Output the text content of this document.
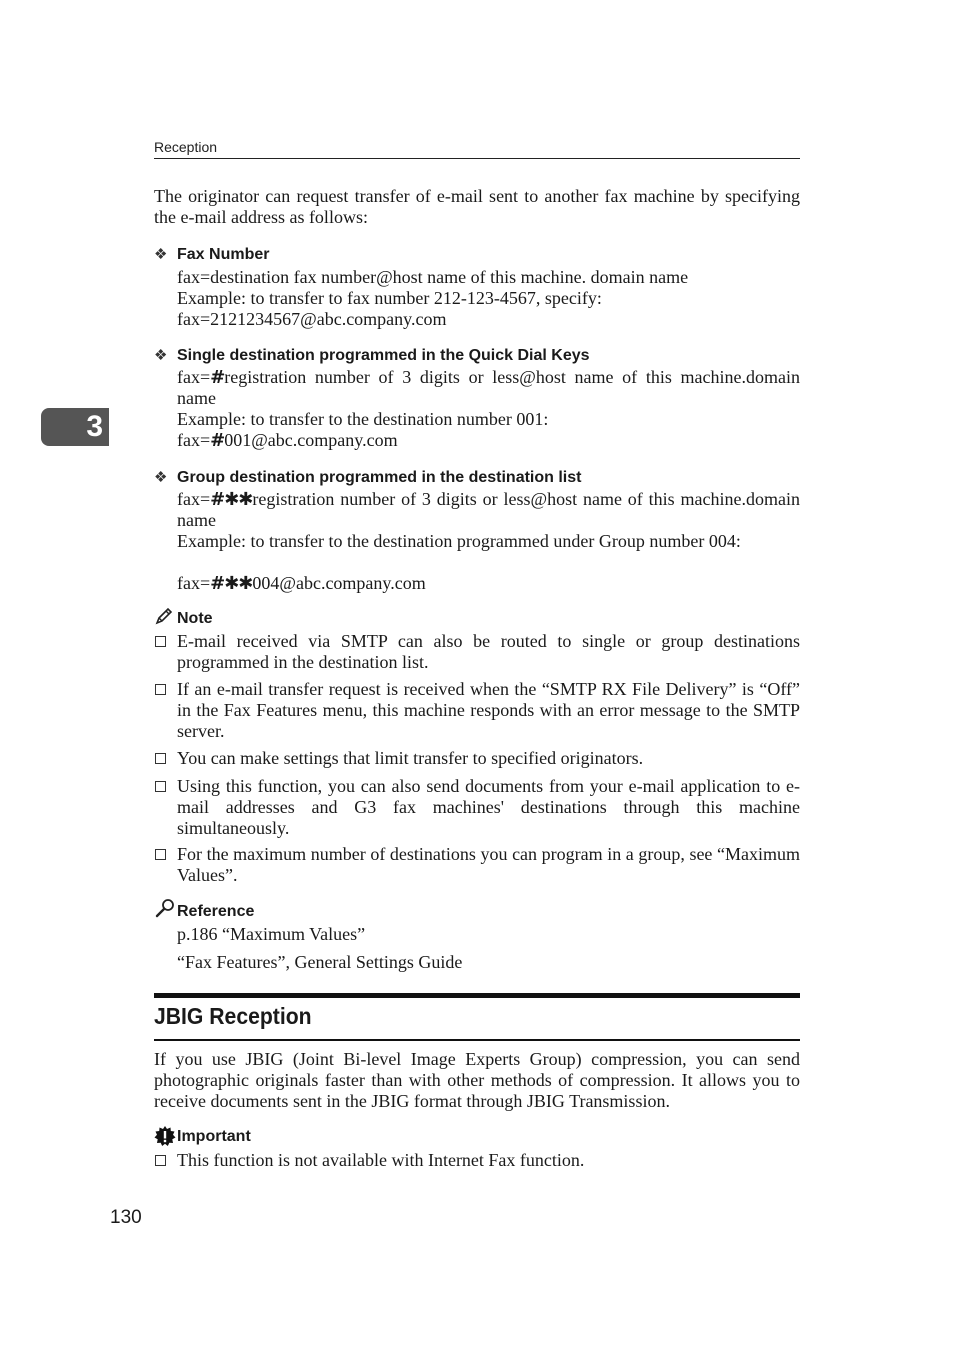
Reception
3
The originator can request transfer of e-mail sent to another fax machine by specifying the e-mail address as follows:
❖ Fax Number
fax=destination fax number@host name of this machine. domain name
Example: to transfer to fax number 212-123-4567, specify:
fax=2121234567@abc.company.com
❖ Single destination programmed in the Quick Dial Keys
fax=#registration number of 3 digits or less@host name of this machine.domain name
Example: to transfer to the destination number 001:
fax=#001@abc.company.com
❖ Group destination programmed in the destination list
fax=#✱✱registration number of 3 digits or less@host name of this machine.domain name
Example: to transfer to the destination programmed under Group number 004:
fax=#✱✱004@abc.company.com
Note
E-mail received via SMTP can also be routed to single or group destinations programmed in the destination list.
If an e-mail transfer request is received when the “SMTP RX File Delivery” is “Off” in the Fax Features menu, this machine responds with an error message to the SMTP server.
You can make settings that limit transfer to specified originators.
Using this function, you can also send documents from your e-mail application to e-mail addresses and G3 fax machines' destinations through this machine simultaneously.
For the maximum number of destinations you can program in a group, see “Maximum Values”.
Reference
p.186 “Maximum Values”
“Fax Features”, General Settings Guide
JBIG Reception
If you use JBIG (Joint Bi-level Image Experts Group) compression, you can send photographic originals faster than with other methods of compression. It allows you to receive documents sent in the JBIG format through JBIG Transmission.
Important
This function is not available with Internet Fax function.
130
